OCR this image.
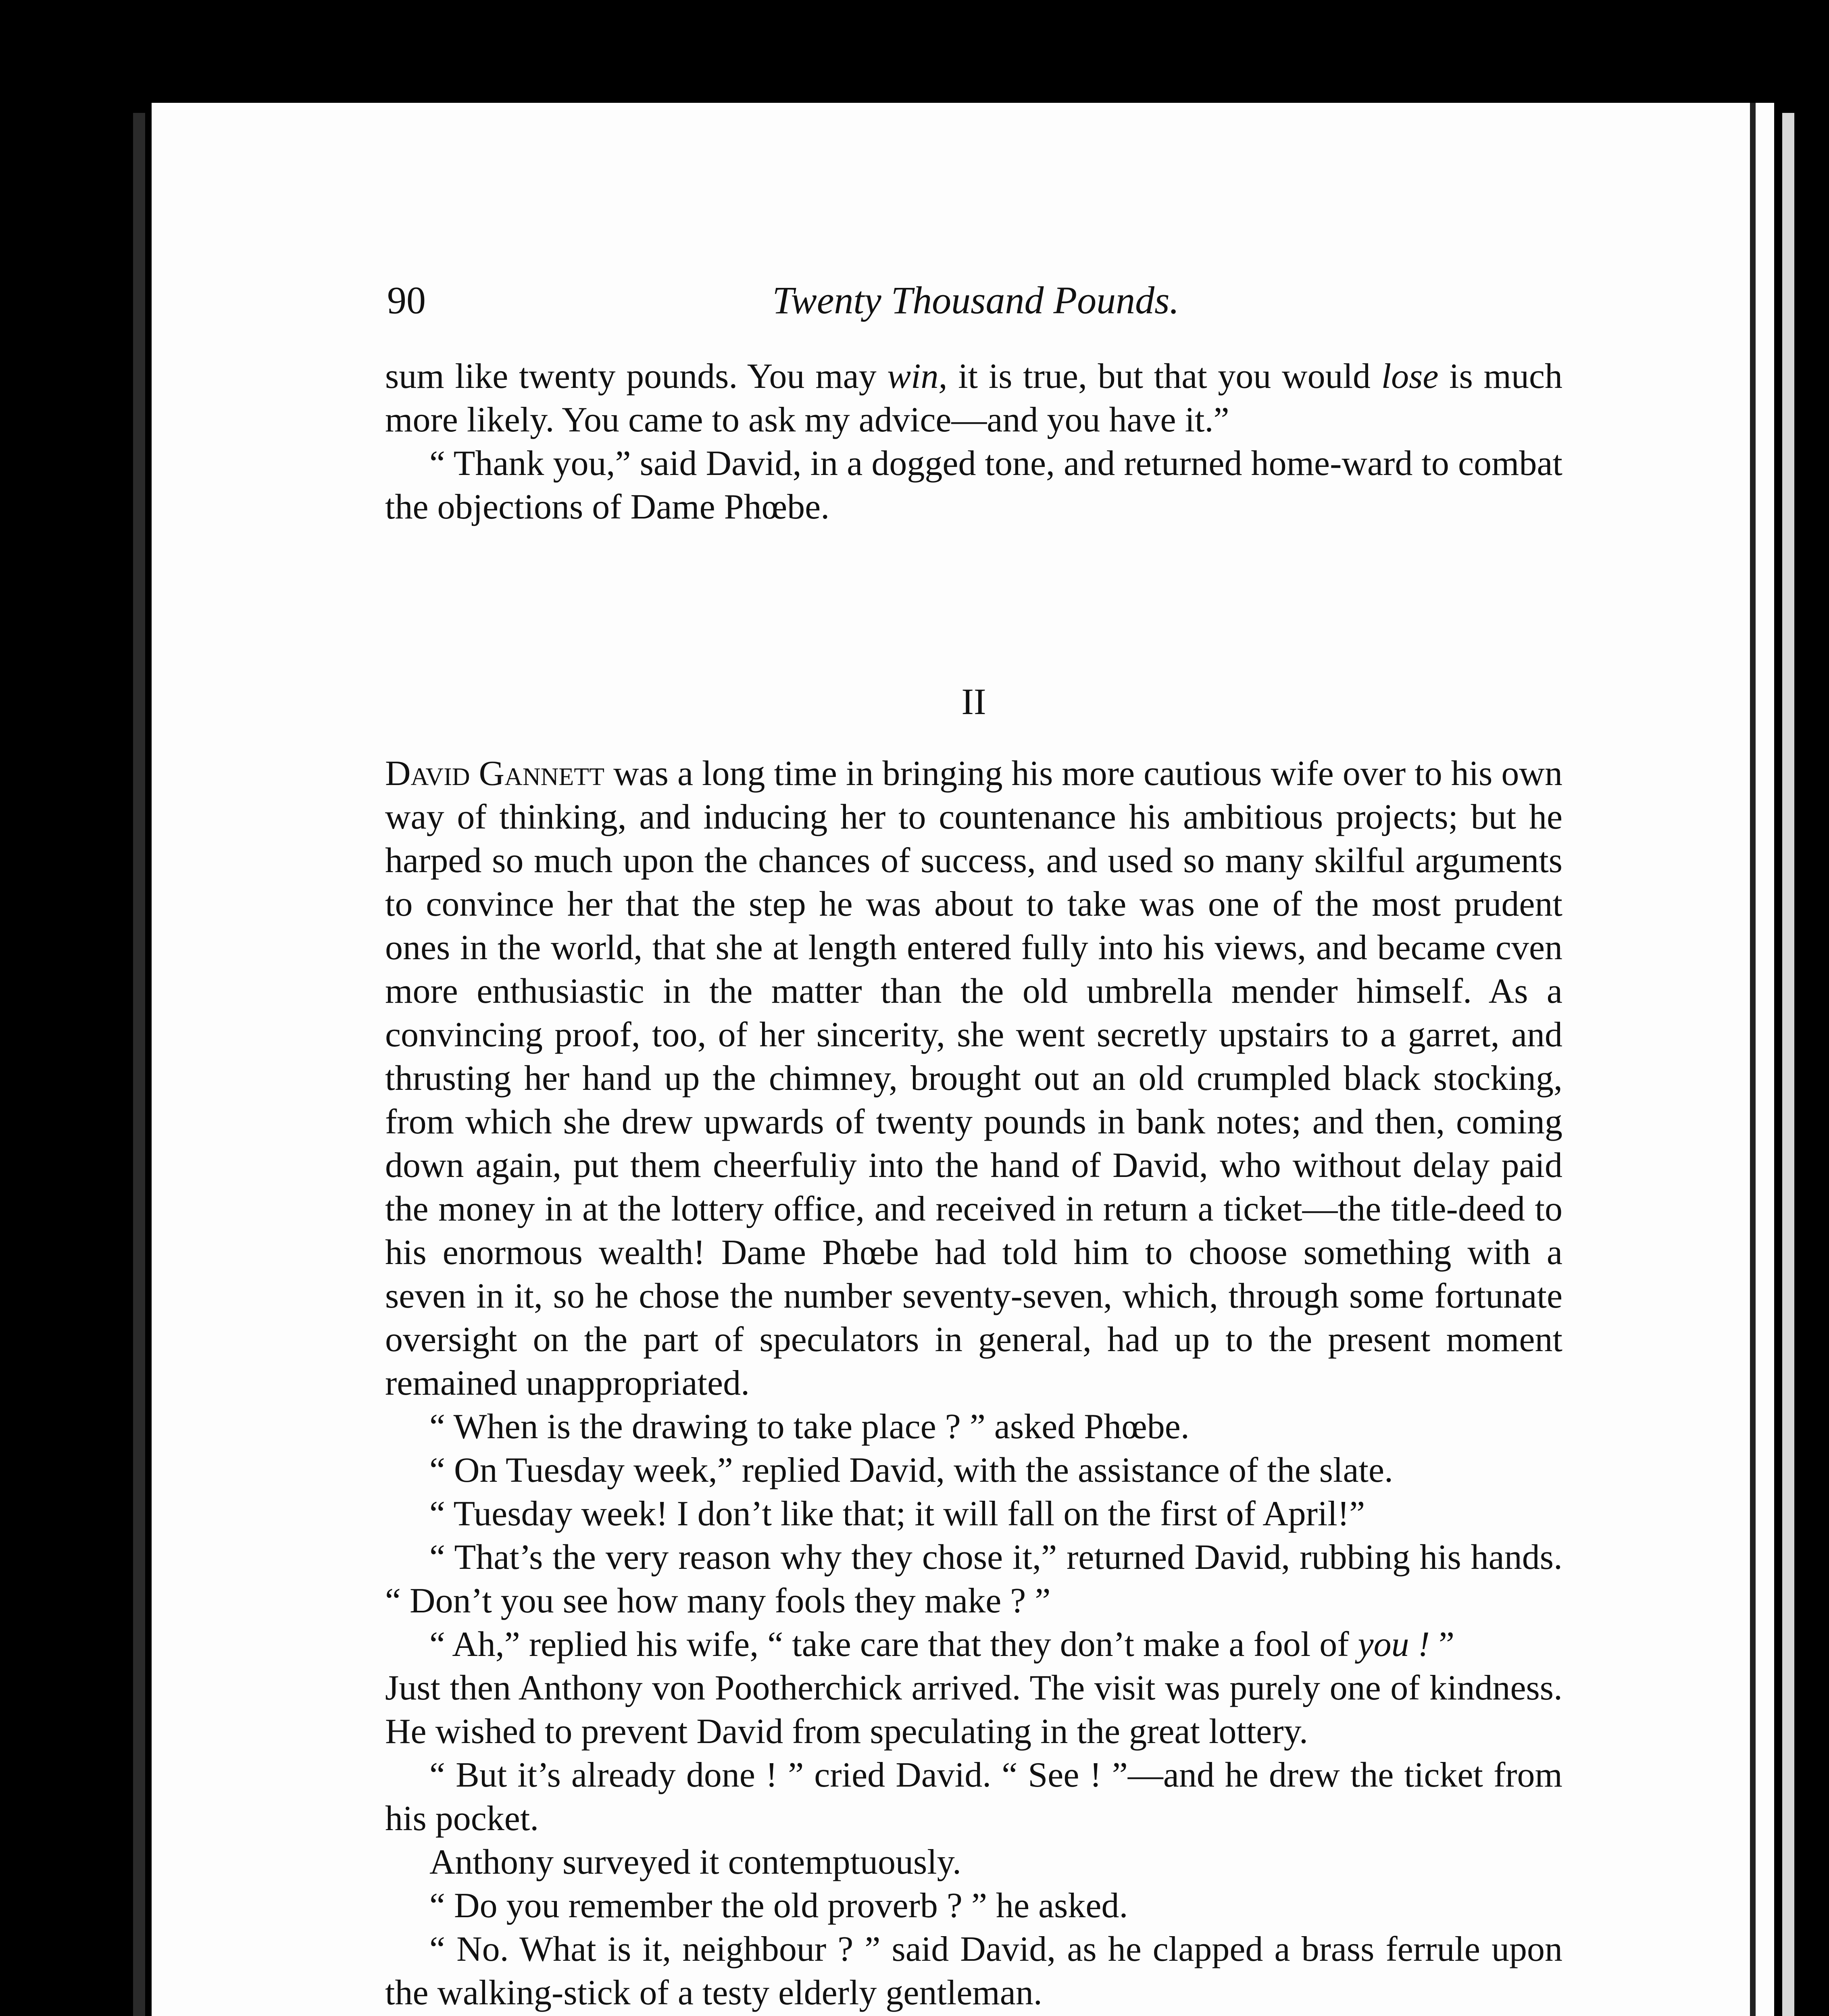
90	Twenty Thousand Pounds.

sum like twenty pounds. You may win, it is true, but that you would lose is much more likely. You came to ask my advice—and you have it.”

“ Thank you,” said David, in a dogged tone, and returned home-ward to combat the objections of Dame Phœbe.

II

David Gannett was a long time in bringing his more cautious wife over to his own way of thinking, and inducing her to countenance his ambitious projects; but he harped so much upon the chances of success, and used so many skilful arguments to convince her that the step he was about to take was one of the most prudent ones in the world, that she at length entered fully into his views, and became cven more enthusiastic in the matter than the old umbrella mender himself. As a convincing proof, too, of her sincerity, she went secretly upstairs to a garret, and thrusting her hand up the chimney, brought out an old crumpled black stocking, from which she drew upwards of twenty pounds in bank notes; and then, coming down again, put them cheerfuliy into the hand of David, who without delay paid the money in at the lottery office, and received in return a ticket—the title-deed to his enormous wealth! Dame Phœbe had told him to choose something with a seven in it, so he chose the number seventy-seven, which, through some fortunate oversight on the part of speculators in general, had up to the present moment remained unappropriated.

“ When is the drawing to take place ? ” asked Phœbe.

“ On Tuesday week,” replied David, with the assistance of the slate.

“ Tuesday week! I don’t like that; it will fall on the first of April!”

“ That’s the very reason why they chose it,” returned David, rubbing his hands. “ Don’t you see how many fools they make ? ”

“ Ah,” replied his wife, “ take care that they don’t make a fool of you ! ”

Just then Anthony von Pootherchick arrived. The visit was purely one of kindness. He wished to prevent David from speculating in the great lottery.

“ But it’s already done ! ” cried David. “ See ! ”—and he drew the ticket from his pocket.

Anthony surveyed it contemptuously.

“ Do you remember the old proverb ? ” he asked.

“ No. What is it, neighbour ? ” said David, as he clapped a brass ferrule upon the walking-stick of a testy elderly gentleman.
